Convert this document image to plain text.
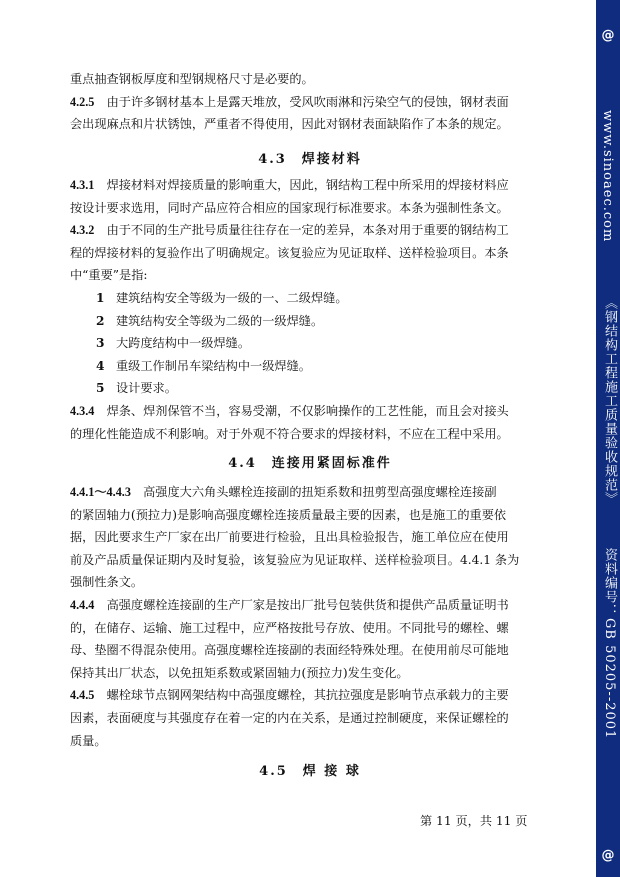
重点抽查钢板厚度和型钢规格尺寸是必要的。
4.2.5　 由于许多钢材基本上是露天堆放，受风吹雨淋和污染空气的侵蚀，钢材表面
会出现麻点和片状锈蚀，严重者不得使用，因此对钢材表面缺陷作了本条的规定。
4.3　焊接材料
4.3.1　 焊接材料对焊接质量的影响重大，因此，钢结构工程中所采用的焊接材料应
按设计要求选用，同时产品应符合相应的国家现行标准要求。本条为强制性条文。
4.3.2　 由于不同的生产批号质量往往存在一定的差异，本条对用于重要的钢结构工
程的焊接材料的复验作出了明确规定。该复验应为见证取样、送样检验项目。本条
中“重要”是指:
1 建筑结构安全等级为一级的一、二级焊缝。
2 建筑结构安全等级为二级的一级焊缝。
3 大跨度结构中一级焊缝。
4 重级工作制吊车梁结构中一级焊缝。
5 设计要求。
4.3.4　 焊条、焊剂保管不当，容易受潮，不仅影响操作的工艺性能，而且会对接头
的理化性能造成不利影响。对于外观不符合要求的焊接材料，不应在工程中采用。
4.4　连接用紧固标准件
4.4.1～4.4.3　 高强度大六角头螺栓连接副的扭矩系数和扭剪型高强度螺栓连接副
的紧固轴力(预拉力)是影响高强度螺栓连接质量最主要的因素，也是施工的重要依
据，因此要求生产厂家在出厂前要进行检验，且出具检验报告，施工单位应在使用
前及产品质量保证期内及时复验，该复验应为见证取样、送样检验项目。4.4.1 条为
强制性条文。
4.4.4　 高强度螺栓连接副的生产厂家是按出厂批号包装供货和提供产品质量证明书
的，在储存、运输、施工过程中，应严格按批号存放、使用。不同批号的螺栓、螺
母、垫圈不得混杂使用。高强度螺栓连接副的表面经特殊处理。在使用前尽可能地
保持其出厂状态，以免扭矩系数或紧固轴力(预拉力)发生变化。
4.4.5　 螺栓球节点钢网架结构中高强度螺栓，其抗拉强度是影响节点承载力的主要
因素，表面硬度与其强度存在着一定的内在关系，是通过控制硬度，来保证螺栓的
质量。
4.5　焊 接 球
第 11 页，共 11 页
@
www.sinoaec.com
《钢结构工程施工质量验收规范》
资料编号：GB 50205--2001
@
